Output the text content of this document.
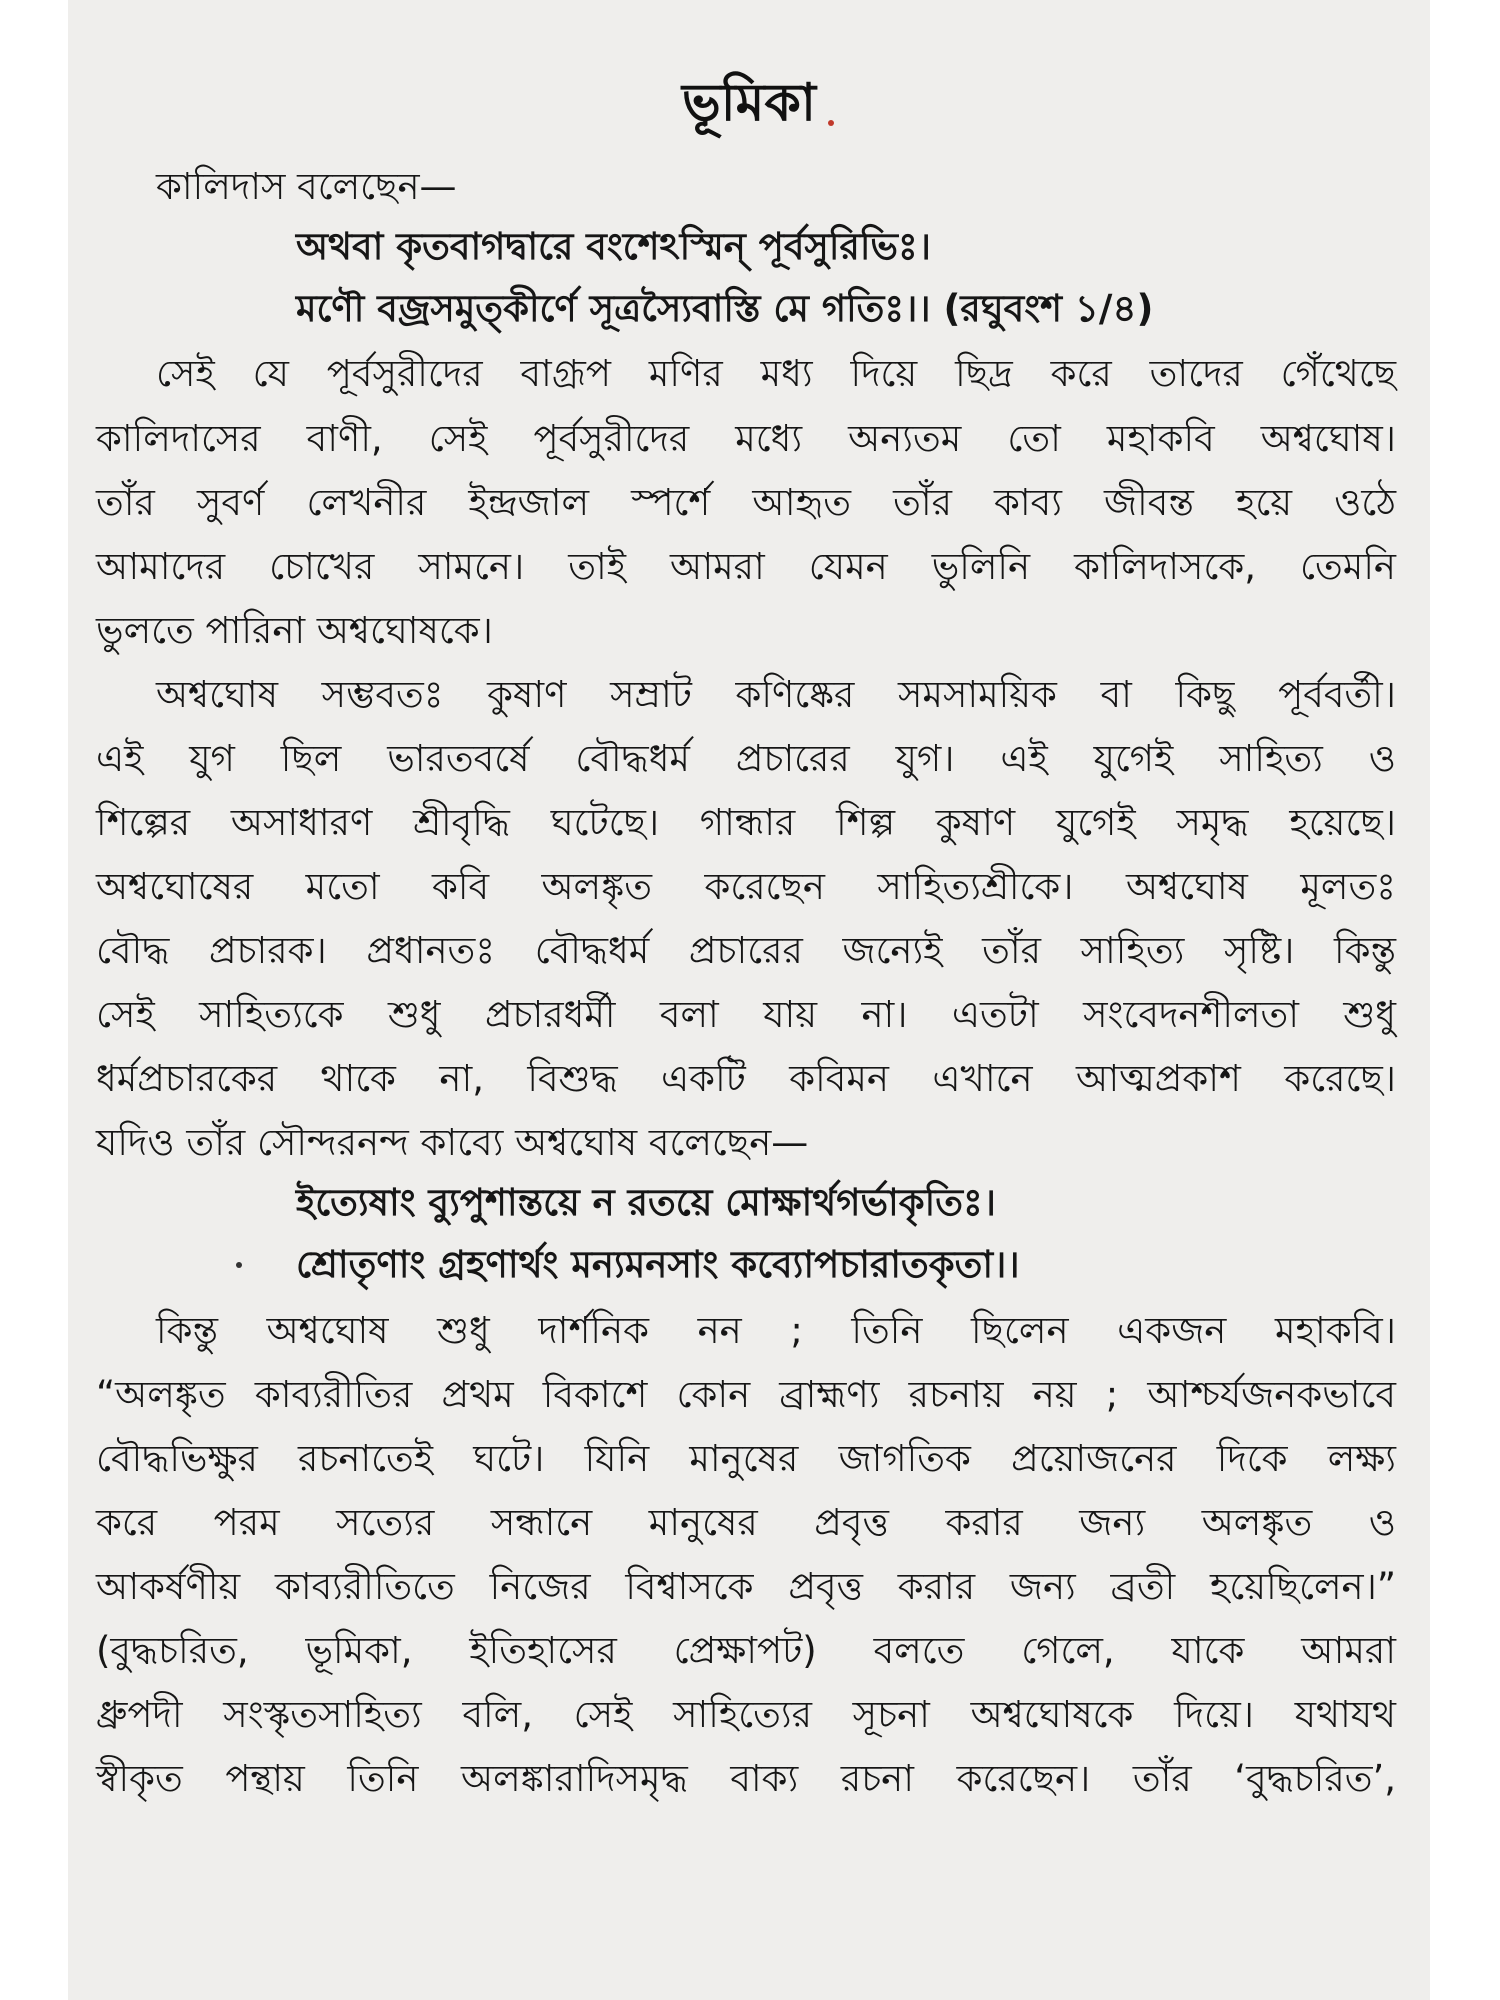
ভূমিকা
কালিদাস বলেছেন—
অথবা কৃতবাগদ্বারে বংশেঽস্মিন্ পূর্বসুরিভিঃ।
মণৌ বজ্রসমুত্কীর্ণে সূত্রস্যৈবাস্তি মে গতিঃ।। (রঘুবংশ ১/৪)
সেই যে পূর্বসুরীদের বাগ্রূপ মণির মধ্য দিয়ে ছিদ্র করে তাদের গেঁথেছে
কালিদাসের বাণী, সেই পূর্বসুরীদের মধ্যে অন্যতম তো মহাকবি অশ্বঘোষ।
তাঁর সুবর্ণ লেখনীর ইন্দ্রজাল স্পর্শে আহৃত তাঁর কাব্য জীবন্ত হয়ে ওঠে
আমাদের চোখের সামনে। তাই আমরা যেমন ভুলিনি কালিদাসকে, তেমনি
ভুলতে পারিনা অশ্বঘোষকে।
অশ্বঘোষ সম্ভবতঃ কুষাণ সম্রাট কণিষ্কের সমসাময়িক বা কিছু পূর্ববর্তী।
এই যুগ ছিল ভারতবর্ষে বৌদ্ধধর্ম প্রচারের যুগ। এই যুগেই সাহিত্য ও
শিল্পের অসাধারণ শ্রীবৃদ্ধি ঘটেছে। গান্ধার শিল্প কুষাণ যুগেই সমৃদ্ধ হয়েছে।
অশ্বঘোষের মতো কবি অলঙ্কৃত করেছেন সাহিত্যশ্রীকে। অশ্বঘোষ মূলতঃ
বৌদ্ধ প্রচারক। প্রধানতঃ বৌদ্ধধর্ম প্রচারের জন্যেই তাঁর সাহিত্য সৃষ্টি। কিন্তু
সেই সাহিত্যকে শুধু প্রচারধর্মী বলা যায় না। এতটা সংবেদনশীলতা শুধু
ধর্মপ্রচারকের থাকে না, বিশুদ্ধ একটি কবিমন এখানে আত্মপ্রকাশ করেছে।
যদিও তাঁর সৌন্দরনন্দ কাব্যে অশ্বঘোষ বলেছেন—
ইত্যেষাং ব্যুপুশান্তয়ে ন রতয়ে মোক্ষার্থগর্ভাকৃতিঃ।
শ্রোতৃণাং গ্রহণার্থং মন্যমনসাং কব্যোপচারাতকৃতা।।
কিন্তু অশ্বঘোষ শুধু দার্শনিক নন ; তিনি ছিলেন একজন মহাকবি।
“অলঙ্কৃত কাব্যরীতির প্রথম বিকাশে কোন ব্রাহ্মণ্য রচনায় নয় ; আশ্চর্যজনকভাবে
বৌদ্ধভিক্ষুর রচনাতেই ঘটে। যিনি মানুষের জাগতিক প্রয়োজনের দিকে লক্ষ্য
করে পরম সত্যের সন্ধানে মানুষের প্রবৃত্ত করার জন্য অলঙ্কৃত ও
আকর্ষণীয় কাব্যরীতিতে নিজের বিশ্বাসকে প্রবৃত্ত করার জন্য ব্রতী হয়েছিলেন।”
(বুদ্ধচরিত, ভূমিকা, ইতিহাসের প্রেক্ষাপট) বলতে গেলে, যাকে আমরা
ধ্রুপদী সংস্কৃতসাহিত্য বলি, সেই সাহিত্যের সূচনা অশ্বঘোষকে দিয়ে। যথাযথ
স্বীকৃত পন্থায় তিনি অলঙ্কারাদিসমৃদ্ধ বাক্য রচনা করেছেন। তাঁর ‘বুদ্ধচরিত’,
